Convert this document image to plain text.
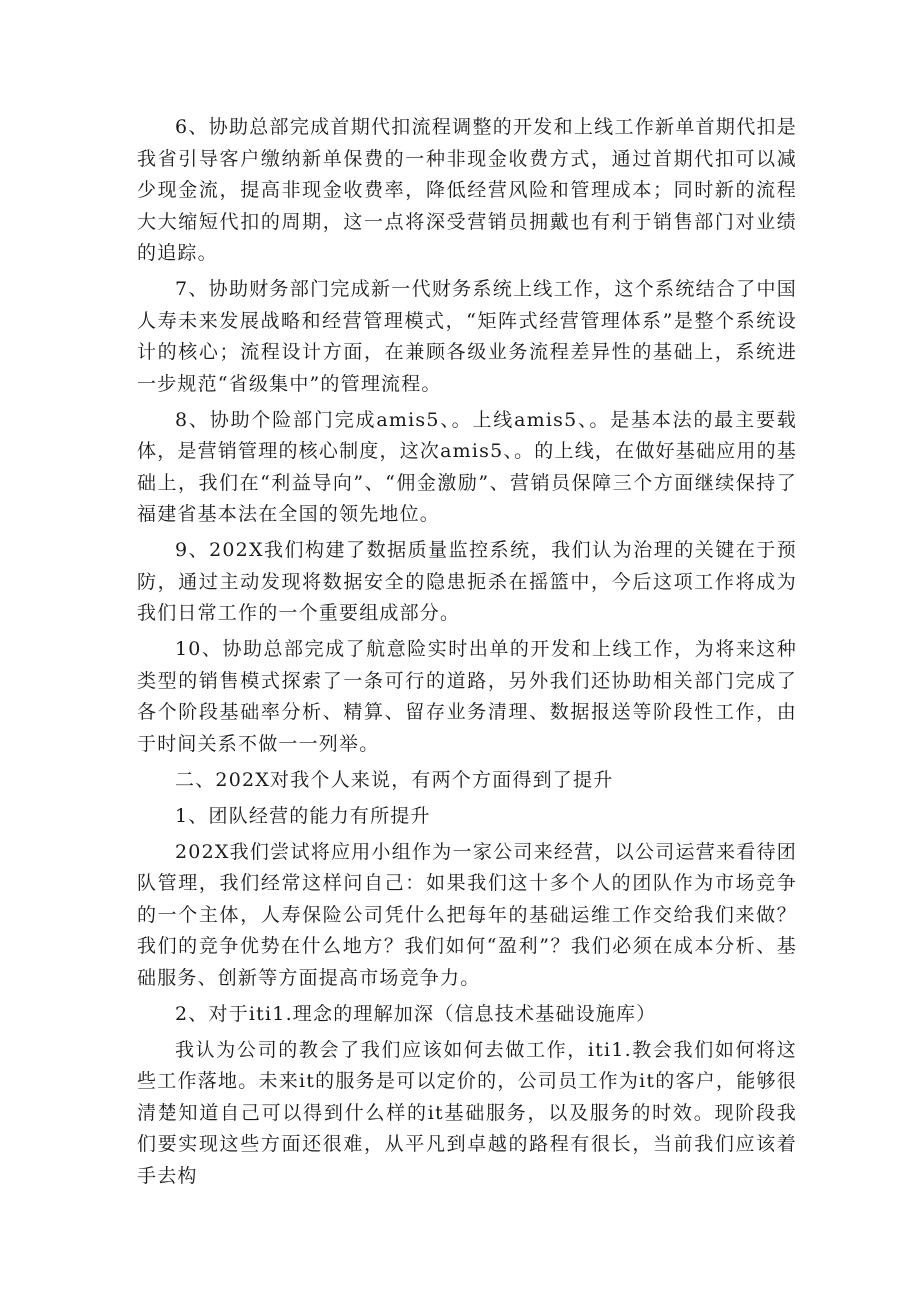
6、协助总部完成首期代扣流程调整的开发和上线工作新单首期代扣是我省引导客户缴纳新单保费的一种非现金收费方式，通过首期代扣可以减少现金流，提高非现金收费率，降低经营风险和管理成本；同时新的流程大大缩短代扣的周期，这一点将深受营销员拥戴也有利于销售部门对业绩的追踪。

7、协助财务部门完成新一代财务系统上线工作，这个系统结合了中国人寿未来发展战略和经营管理模式，“矩阵式经营管理体系”是整个系统设计的核心；流程设计方面，在兼顾各级业务流程差异性的基础上，系统进一步规范“省级集中”的管理流程。

8、协助个险部门完成amis5、。上线amis5、。是基本法的最主要载体，是营销管理的核心制度，这次amis5、。的上线，在做好基础应用的基础上，我们在“利益导向”、“佣金激励”、营销员保障三个方面继续保持了福建省基本法在全国的领先地位。

9、202X我们构建了数据质量监控系统，我们认为治理的关键在于预防，通过主动发现将数据安全的隐患扼杀在摇篮中，今后这项工作将成为我们日常工作的一个重要组成部分。

10、协助总部完成了航意险实时出单的开发和上线工作，为将来这种类型的销售模式探索了一条可行的道路，另外我们还协助相关部门完成了各个阶段基础率分析、精算、留存业务清理、数据报送等阶段性工作，由于时间关系不做一一列举。

二、202X对我个人来说，有两个方面得到了提升

1、团队经营的能力有所提升

202X我们尝试将应用小组作为一家公司来经营，以公司运营来看待团队管理，我们经常这样问自己：如果我们这十多个人的团队作为市场竞争的一个主体，人寿保险公司凭什么把每年的基础运维工作交给我们来做？我们的竞争优势在什么地方？我们如何“盈利”？我们必须在成本分析、基础服务、创新等方面提高市场竞争力。

2、对于iti1.理念的理解加深（信息技术基础设施库）

我认为公司的教会了我们应该如何去做工作，iti1.教会我们如何将这些工作落地。未来it的服务是可以定价的，公司员工作为it的客户，能够很清楚知道自己可以得到什么样的it基础服务，以及服务的时效。现阶段我们要实现这些方面还很难，从平凡到卓越的路程有很长，当前我们应该着手去构
